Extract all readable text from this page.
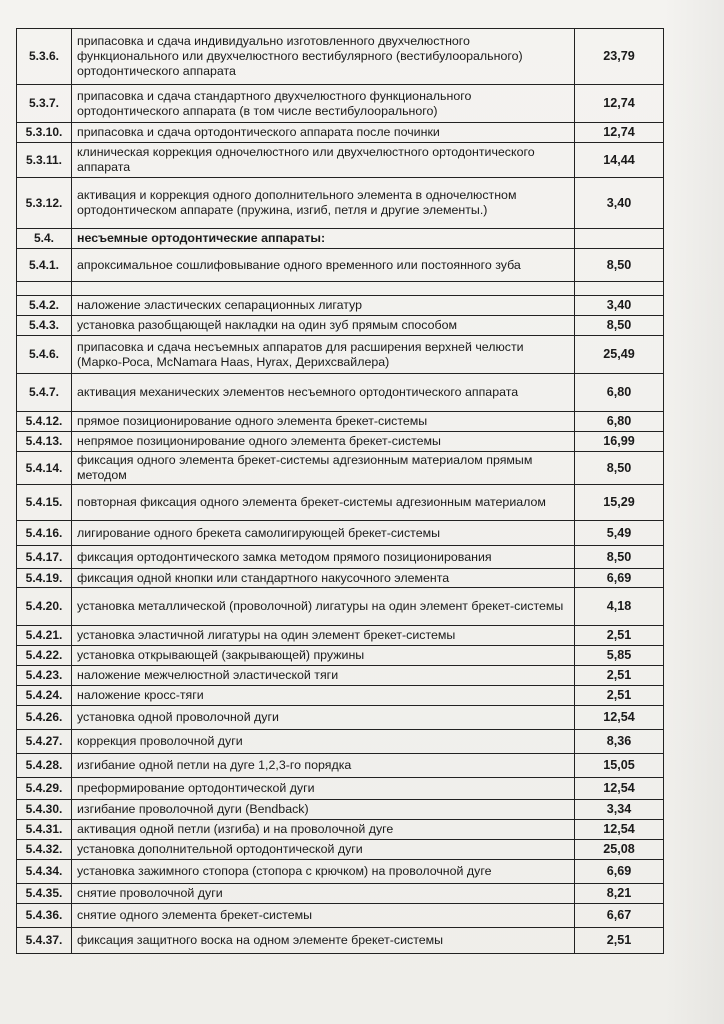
5.3.6.	припасовка и сдача индивидуально изготовленного двухчелюстного функционального или двухчелюстного вестибулярного (вестибулоорального) ортодонтического аппарата	23,79
5.3.7.	припасовка и сдача стандартного двухчелюстного функционального ортодонтического аппарата (в том числе вестибулоорального)	12,74
5.3.10.	припасовка и сдача ортодонтического аппарата после починки	12,74
5.3.11.	клиническая коррекция одночелюстного или двухчелюстного ортодонтического аппарата	14,44
5.3.12.	активация и коррекция одного дополнительного элемента в одночелюстном ортодонтическом аппарате (пружина, изгиб, петля и другие элементы.)	3,40
5.4.	несъемные ортодонтические аппараты:	
5.4.1.	апроксимальное сошлифовывание одного временного или постоянного зуба	8,50

5.4.2.	наложение эластических сепарационных лигатур	3,40
5.4.3.	установка разобщающей накладки на один зуб прямым способом	8,50
5.4.6.	припасовка и сдача несъемных аппаратов для расширения верхней челюсти (Марко-Роса, McNamara Haas, Hyrax, Дерихсвайлера)	25,49
5.4.7.	активация механических элементов несъемного ортодонтического аппарата	6,80
5.4.12.	прямое позиционирование одного элемента брекет-системы	6,80
5.4.13.	непрямое позиционирование одного элемента брекет-системы	16,99
5.4.14.	фиксация одного элемента брекет-системы адгезионным материалом прямым методом	8,50
5.4.15.	повторная фиксация одного элемента брекет-системы адгезионным материалом	15,29
5.4.16.	лигирование одного брекета самолигирующей брекет-системы	5,49
5.4.17.	фиксация ортодонтического замка методом прямого позиционирования	8,50
5.4.19.	фиксация одной кнопки или стандартного накусочного элемента	6,69
5.4.20.	установка металлической (проволочной) лигатуры на один элемент брекет-системы	4,18
5.4.21.	установка эластичной лигатуры на один элемент брекет-системы	2,51
5.4.22.	установка открывающей (закрывающей) пружины	5,85
5.4.23.	наложение межчелюстной эластической тяги	2,51
5.4.24.	наложение кросс-тяги	2,51
5.4.26.	установка одной проволочной дуги	12,54
5.4.27.	коррекция проволочной дуги	8,36
5.4.28.	изгибание одной петли на дуге 1,2,3-го порядка	15,05
5.4.29.	преформирование ортодонтической дуги	12,54
5.4.30.	изгибание проволочной дуги (Bendback)	3,34
5.4.31.	активация одной петли (изгиба) и на проволочной дуге	12,54
5.4.32.	установка дополнительной ортодонтической дуги	25,08
5.4.34.	установка зажимного стопора (стопора с крючком) на проволочной дуге	6,69
5.4.35.	снятие проволочной дуги	8,21
5.4.36.	снятие одного элемента брекет-системы	6,67
5.4.37.	фиксация защитного воска на одном элементе брекет-системы	2,51
